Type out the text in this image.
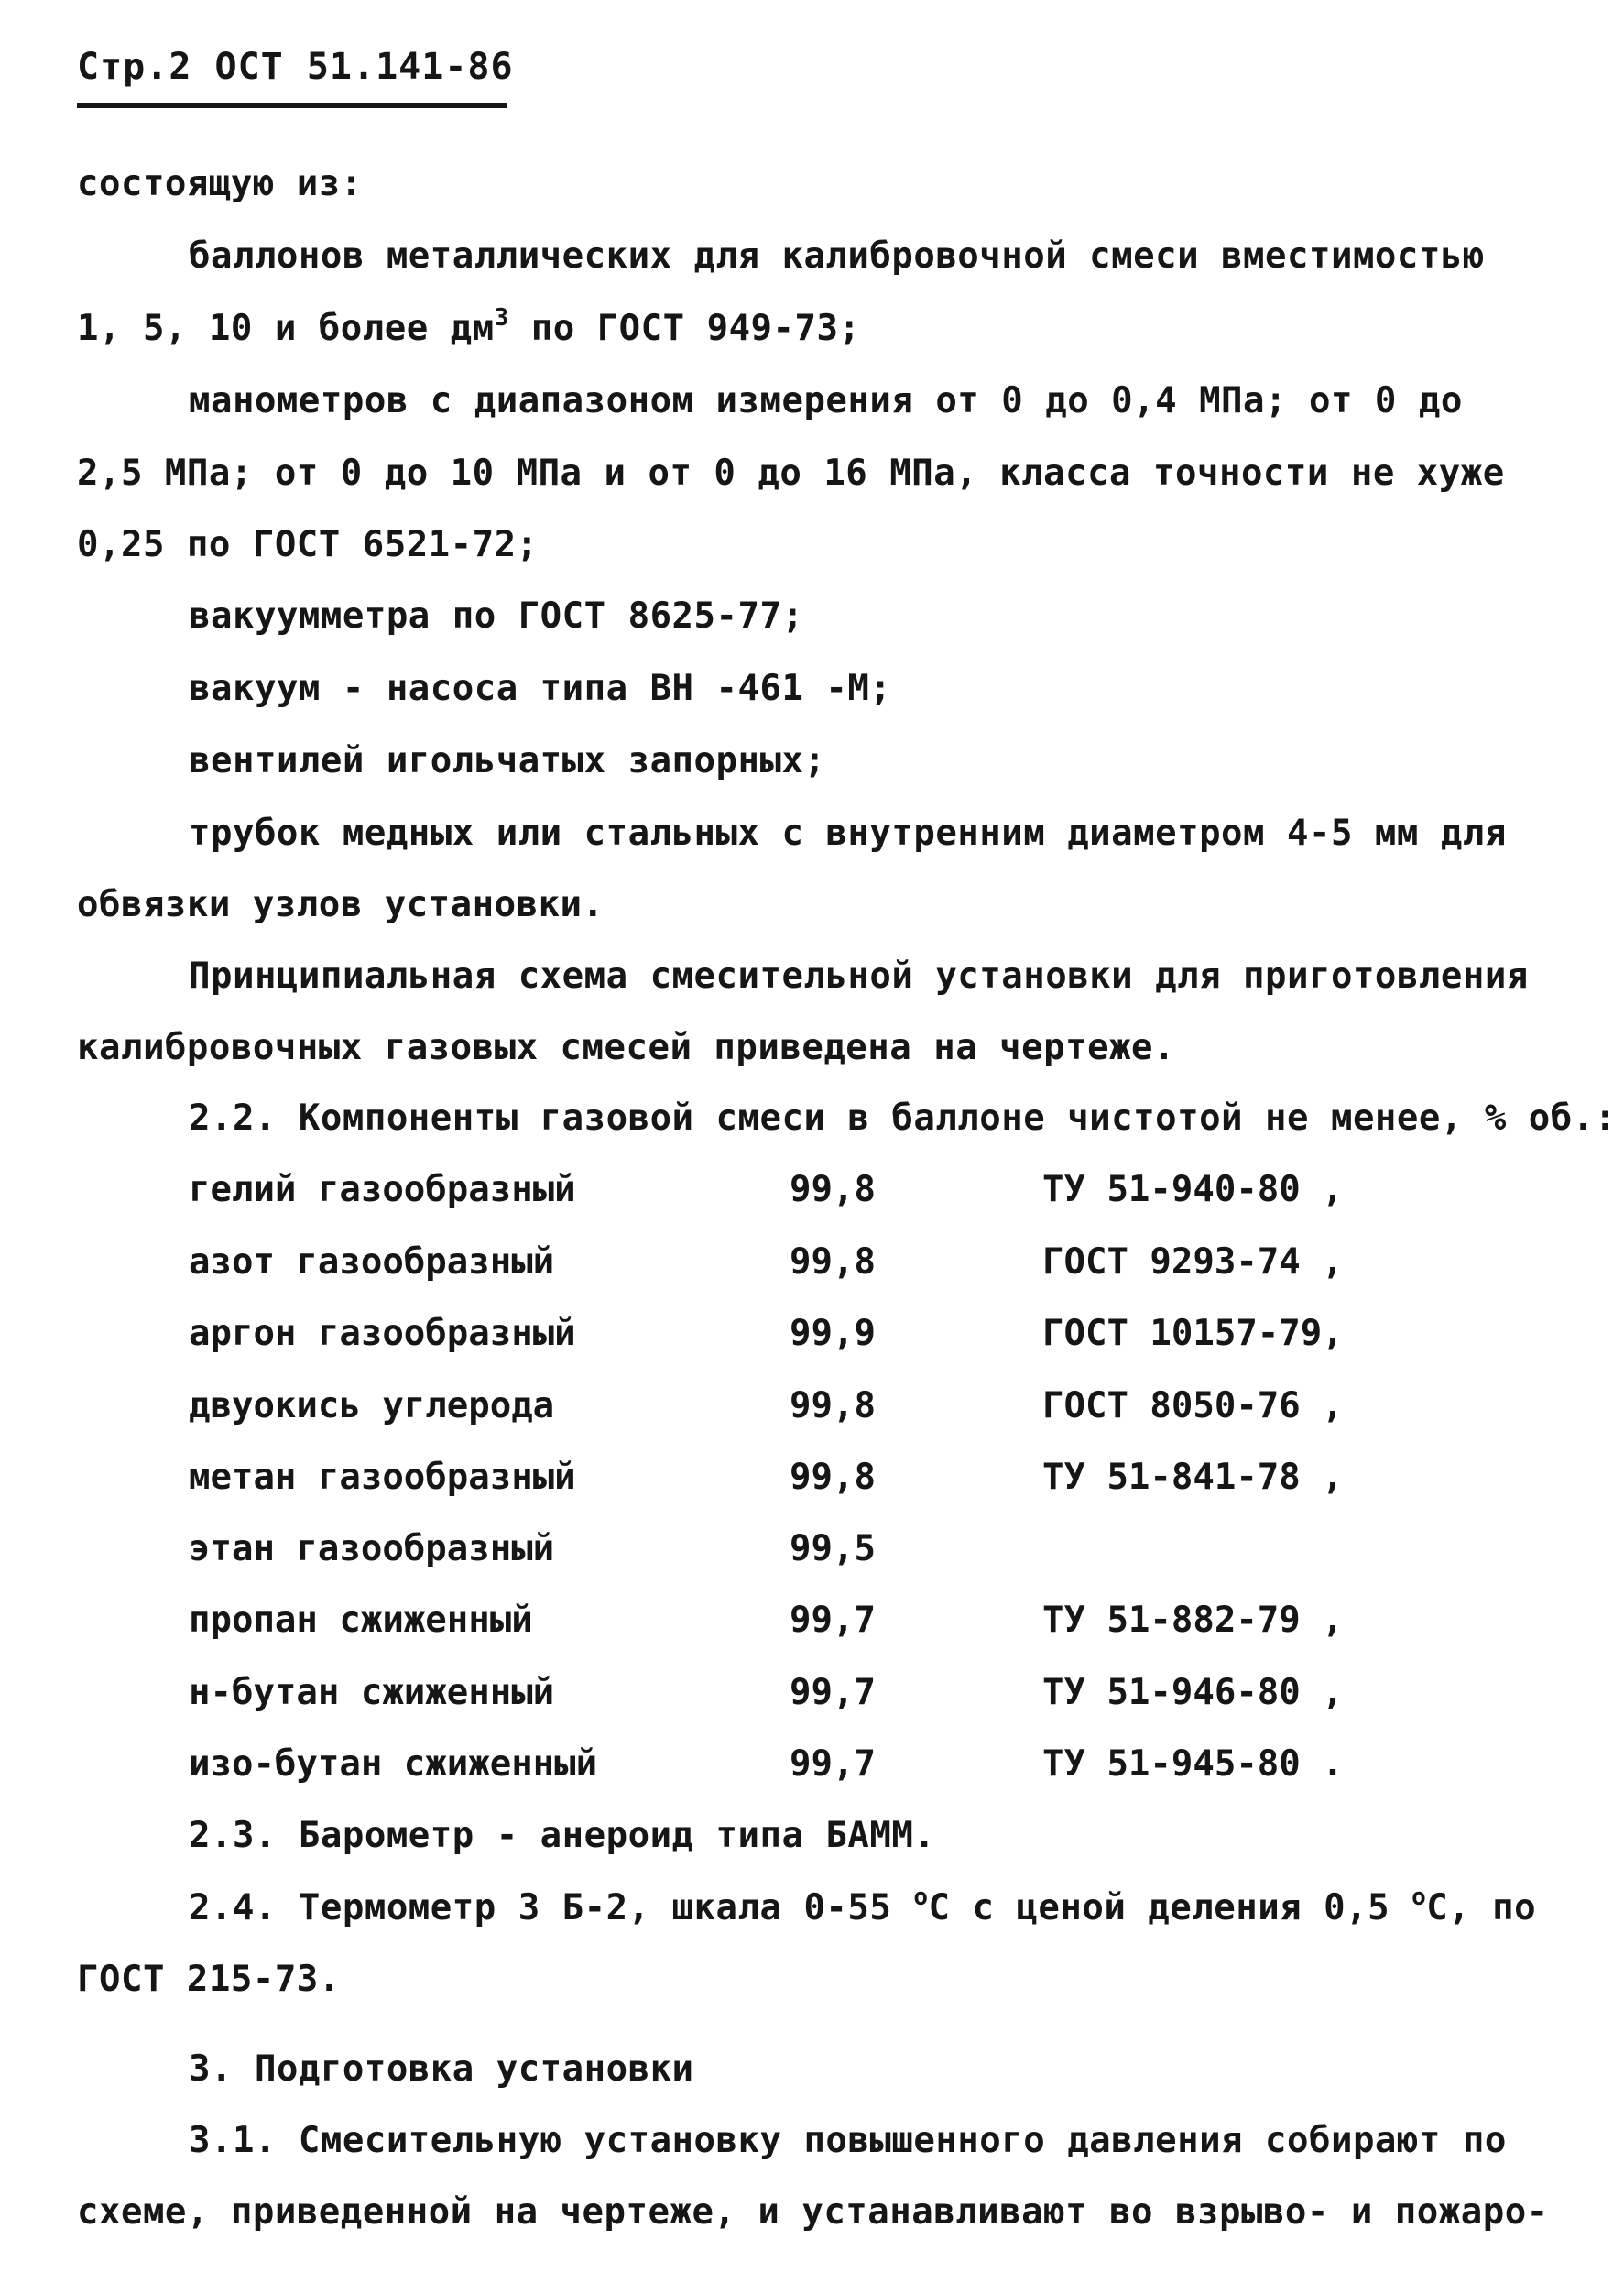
Стр.2 ОСТ 51.141-86
состоящую из:
баллонов металлических для калибровочной смеси вместимостью
1, 5, 10 и более $дм^3$ по ГОСТ 949-73;
манометров с диапазоном измерения от 0 до 0,4 МПа; от 0 до
2,5 МПа; от 0 до 10 МПа и от 0 до 16 МПа, класса точности не хуже
0,25 по ГОСТ 6521-72;
вакуумметра по ГОСТ 8625-77;
вакуум - насоса типа ВН -461 -М;
вентилей игольчатых запорных;
трубок медных или стальных с внутренним диаметром 4-5 мм для
обвязки узлов установки.
Принципиальная схема смесительной установки для приготовления
калибровочных газовых смесей приведена на чертеже.
2.2. Компоненты газовой смеси в баллоне чистотой не менее, % об.:
гелий газообразный	99,8	ТУ 51-940-80 ,
азот газообразный	99,8	ГОСТ 9293-74 ,
аргон газообразный	99,9	ГОСТ 10157-79,
двуокись углерода	99,8	ГОСТ 8050-76 ,
метан газообразный	99,8	ТУ 51-841-78 ,
этан газообразный	99,5
пропан сжиженный	99,7	ТУ 51-882-79 ,
н-бутан сжиженный	99,7	ТУ 51-946-80 ,
изо-бутан сжиженный	99,7	ТУ 51-945-80 .
2.3. Барометр - анероид типа БАММ.
2.4. Термометр З Б-2, шкала 0-55 $^о$С с ценой деления 0,5 $^о$С, по
ГОСТ 215-73.
3. Подготовка установки
3.1. Смесительную установку повышенного давления собирают по
схеме, приведенной на чертеже, и устанавливают во взрыво- и пожаро-
